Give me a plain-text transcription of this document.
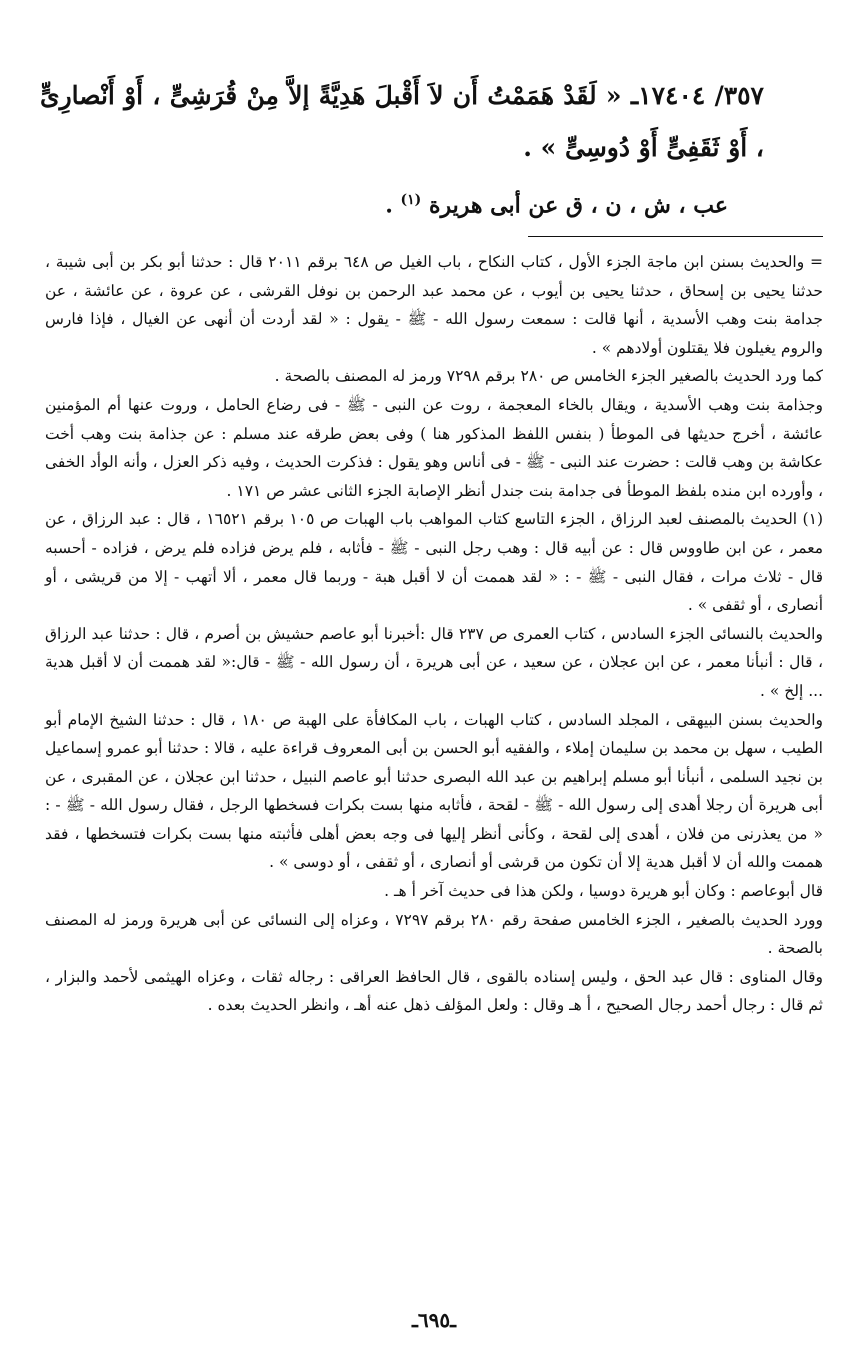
٣٥٧/ ١٧٤٠٤ـ « لَقَدْ هَمَمْتُ أَن لاَ أَقْبلَ هَدِيَّةً إلاَّ مِنْ قُرَشِىٍّ ، أَوْ أَنْصارِىٍّ ، أَوْ ثَقَفِىٍّ أَوْ دُوسِىٍّ » .
عب ، ش ، ن ، ق عن أبى هريرة $^{(١)}$ .

= والحديث بسنن ابن ماجة الجزء الأول ، كتاب النكاح ، باب الغيل ص ٦٤٨ برقم ٢٠١١ قال : حدثنا أبو بكر بن أبى شيبة ، حدثنا يحيى بن إسحاق ، حدثنا يحيى بن أيوب ، عن محمد عبد الرحمن بن نوفل القرشى ، عن عروة ، عن عائشة ، عن جدامة بنت وهب الأسدية ، أنها قالت : سمعت رسول الله - ﷺ - يقول : « لقد أردت أن أنهى عن الغيال ، فإذا فارس والروم يغيلون فلا يقتلون أولادهم » .

كما ورد الحديث بالصغير الجزء الخامس ص ٢٨٠ برقم ٧٢٩٨ ورمز له المصنف بالصحة .

وجذامة بنت وهب الأسدية ، ويقال بالخاء المعجمة ، روت عن النبى - ﷺ - فى رضاع الحامل ، وروت عنها أم المؤمنين عائشة ، أخرج حديثها فى الموطأ ( بنفس اللفظ المذكور هنا ) وفى بعض طرقه عند مسلم : عن جذامة بنت وهب أخت عكاشة بن وهب قالت : حضرت عند النبى - ﷺ - فى أناس وهو يقول : فذكرت الحديث ، وفيه ذكر العزل ، وأنه الوأد الخفى ، وأورده ابن منده بلفظ الموطأ فى جدامة بنت جندل أنظر الإصابة الجزء الثانى عشر ص ١٧١ .

(١) الحديث بالمصنف لعبد الرزاق ، الجزء التاسع كتاب المواهب باب الهبات ص ١٠٥ برقم ١٦٥٢١ ، قال : عبد الرزاق ، عن معمر ، عن ابن طاووس قال : عن أبيه قال : وهب رجل النبى - ﷺ - فأثابه ، فلم يرض فزاده فلم يرض ، فزاده - أحسبه قال - ثلاث مرات ، فقال النبى - ﷺ - : « لقد هممت أن لا أقبل هبة - وربما قال معمر ، ألا أتهب - إلا من قريشى ، أو أنصارى ، أو ثقفى » .

والحديث بالنسائى الجزء السادس ، كتاب العمرى ص ٢٣٧ قال :أخبرنا أبو عاصم حشيش بن أصرم ، قال : حدثنا عبد الرزاق ، قال : أنبأنا معمر ، عن ابن عجلان ، عن سعيد ، عن أبى هريرة ، أن رسول الله - ﷺ - قال:« لقد هممت أن لا أقبل هدية ... إلخ » .

والحديث بسنن البيهقى ، المجلد السادس ، كتاب الهبات ، باب المكافأة على الهبة ص ١٨٠ ، قال : حدثنا الشيخ الإمام أبو الطيب ، سهل بن محمد بن سليمان إملاء ، والفقيه أبو الحسن بن أبى المعروف قراءة عليه ، قالا : حدثنا أبو عمرو إسماعيل بن نجيد السلمى ، أنبأنا أبو مسلم إبراهيم بن عبد الله البصرى حدثنا أبو عاصم النبيل ، حدثنا ابن عجلان ، عن المقبرى ، عن أبى هريرة أن رجلا أهدى إلى رسول الله - ﷺ - لقحة ، فأثابه منها بست بكرات فسخطها الرجل ، فقال رسول الله - ﷺ - : « من يعذرنى من فلان ، أهدى إلى لقحة ، وكأنى أنظر إليها فى وجه بعض أهلى فأثبته منها بست بكرات فتسخطها ، فقد هممت والله أن لا أقبل هدية إلا أن تكون من قرشى أو أنصارى ، أو ثقفى ، أو دوسى » .

قال أبوعاصم : وكان أبو هريرة دوسيا ، ولكن هذا فى حديث آخر أ هـ .

وورد الحديث بالصغير ، الجزء الخامس صفحة رقم ٢٨٠ برقم ٧٢٩٧ ، وعزاه إلى النسائى عن أبى هريرة ورمز له المصنف بالصحة .

وقال المناوى : قال عبد الحق ، وليس إسناده بالقوى ، قال الحافظ العراقى : رجاله ثقات ، وعزاه الهيثمى لأحمد والبزار ، ثم قال : رجال أحمد رجال الصحيح ، أ هـ وقال : ولعل المؤلف ذهل عنه أهـ ، وانظر الحديث بعده .

ـ٦٩٥ـ
